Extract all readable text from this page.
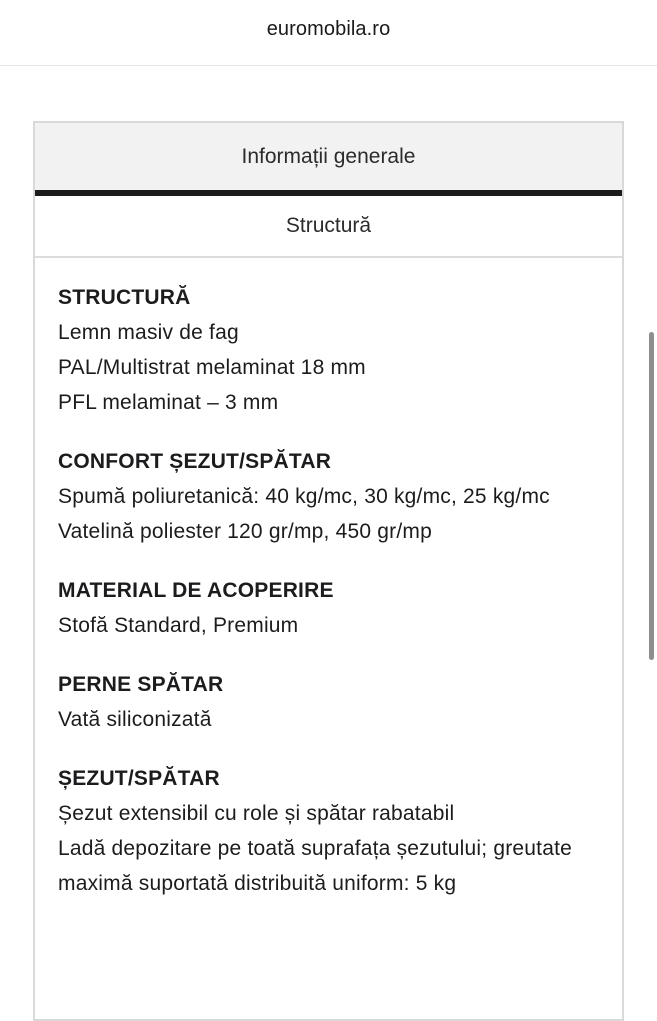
euromobila.ro
Informații generale
Structură
STRUCTURĂ
Lemn masiv de fag
PAL/Multistrat melaminat 18 mm
PFL melaminat – 3 mm
CONFORT ȘEZUT/SPĂTAR
Spumă poliuretanică: 40 kg/mc, 30 kg/mc, 25 kg/mc
Vatelină poliester 120 gr/mp, 450 gr/mp
MATERIAL DE ACOPERIRE
Stofă Standard, Premium
PERNE SPĂTAR
Vată siliconizată
ȘEZUT/SPĂTAR
Șezut extensibil cu role și spătar rabatabil
Ladă depozitare pe toată suprafața șezutului; greutate maximă suportată distribuită uniform: 5 kg
